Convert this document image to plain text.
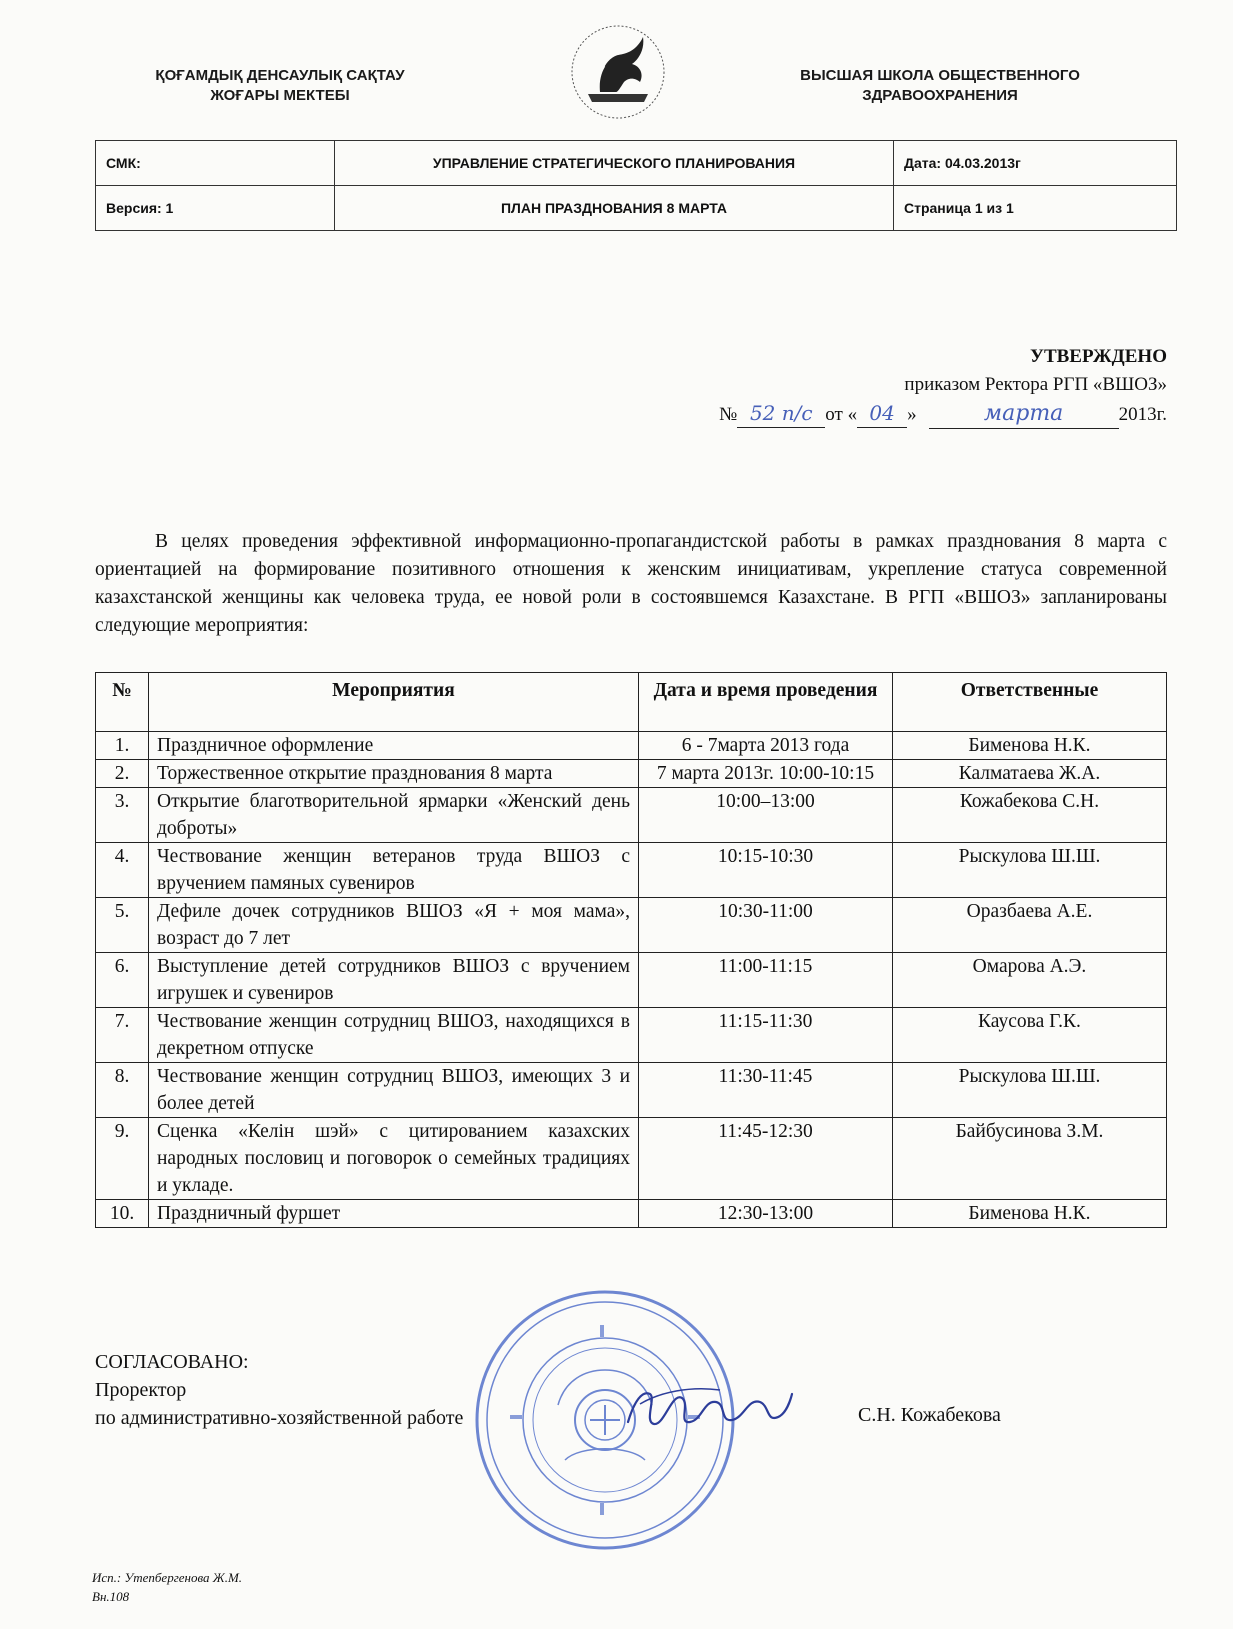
ҚОҒАМДЫҚ ДЕНСАУЛЫҚ САҚТАУ
ЖОҒАРЫ МЕКТЕБІ
ВЫСШАЯ ШКОЛА ОБЩЕСТВЕННОГО
ЗДРАВООХРАНЕНИЯ
СМК:	УПРАВЛЕНИЕ СТРАТЕГИЧЕСКОГО ПЛАНИРОВАНИЯ	Дата: 04.03.2013г
Версия: 1	ПЛАН ПРАЗДНОВАНИЯ 8 МАРТА	Страница 1 из 1
УТВЕРЖДЕНО
приказом Ректора РГП «ВШОЗ»
№ 52 п/с от « 04 »	марта	2013г.
В целях проведения эффективной информационно-пропагандистской работы в рамках празднования 8 марта с ориентацией на формирование позитивного отношения к женским инициативам, укрепление статуса современной казахстанской женщины как человека труда, ее новой роли в состоявшемся Казахстане. В РГП «ВШОЗ» запланированы следующие мероприятия:
№	Мероприятия	Дата и время проведения	Ответственные
1.	Праздничное оформление	6 - 7марта 2013 года	Бименова Н.К.
2.	Торжественное открытие празднования 8 марта	7 марта 2013г. 10:00-10:15	Калматаева Ж.А.
3.	Открытие благотворительной ярмарки «Женский день доброты»	10:00–13:00	Кожабекова С.Н.
4.	Чествование женщин ветеранов труда ВШОЗ с вручением памяных сувениров	10:15-10:30	Рыскулова Ш.Ш.
5.	Дефиле дочек сотрудников ВШОЗ «Я + моя мама», возраст до 7 лет	10:30-11:00	Оразбаева А.Е.
6.	Выступление детей сотрудников ВШОЗ с вручением игрушек и сувениров	11:00-11:15	Омарова А.Э.
7.	Чествование женщин сотрудниц ВШОЗ, находящихся в декретном отпуске	11:15-11:30	Каусова Г.К.
8.	Чествование женщин сотрудниц ВШОЗ, имеющих 3 и более детей	11:30-11:45	Рыскулова Ш.Ш.
9.	Сценка «Келін шэй» с цитированием казахских народных пословиц и поговорок о семейных традициях и укладе.	11:45-12:30	Байбусинова З.М.
10.	Праздничный фуршет	12:30-13:00	Бименова Н.К.
СОГЛАСОВАНО:
Проректор
по административно-хозяйственной работе	С.Н. Кожабекова
Исп.: Утепбергенова Ж.М.
Вн.108
